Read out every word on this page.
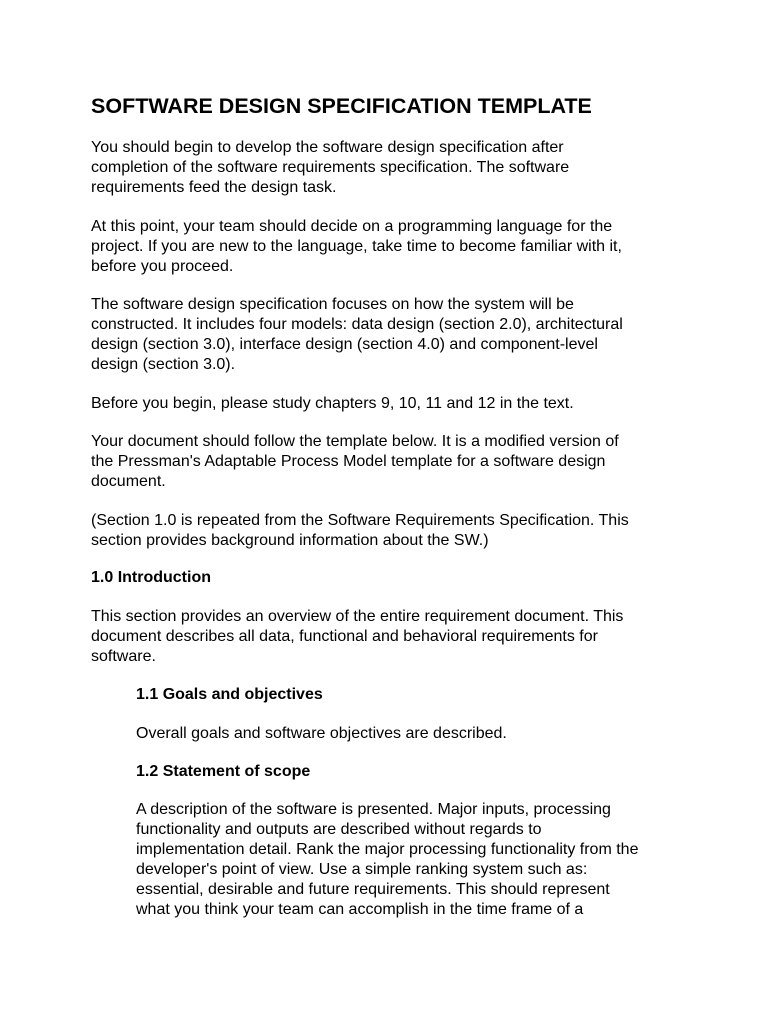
SOFTWARE DESIGN SPECIFICATION TEMPLATE

You should begin to develop the software design specification after
completion of the software requirements specification. The software
requirements feed the design task.

At this point, your team should decide on a programming language for the
project. If you are new to the language, take time to become familiar with it,
before you proceed.

The software design specification focuses on how the system will be
constructed. It includes four models: data design (section 2.0), architectural
design (section 3.0), interface design (section 4.0) and component-level
design (section 3.0).

Before you begin, please study chapters 9, 10, 11 and 12 in the text.

Your document should follow the template below. It is a modified version of
the Pressman's Adaptable Process Model template for a software design
document.

(Section 1.0 is repeated from the Software Requirements Specification. This
section provides background information about the SW.)

1.0 Introduction

This section provides an overview of the entire requirement document. This
document describes all data, functional and behavioral requirements for
software.

1.1 Goals and objectives

Overall goals and software objectives are described.

1.2 Statement of scope

A description of the software is presented. Major inputs, processing
functionality and outputs are described without regards to
implementation detail. Rank the major processing functionality from the
developer's point of view. Use a simple ranking system such as:
essential, desirable and future requirements. This should represent
what you think your team can accomplish in the time frame of a
